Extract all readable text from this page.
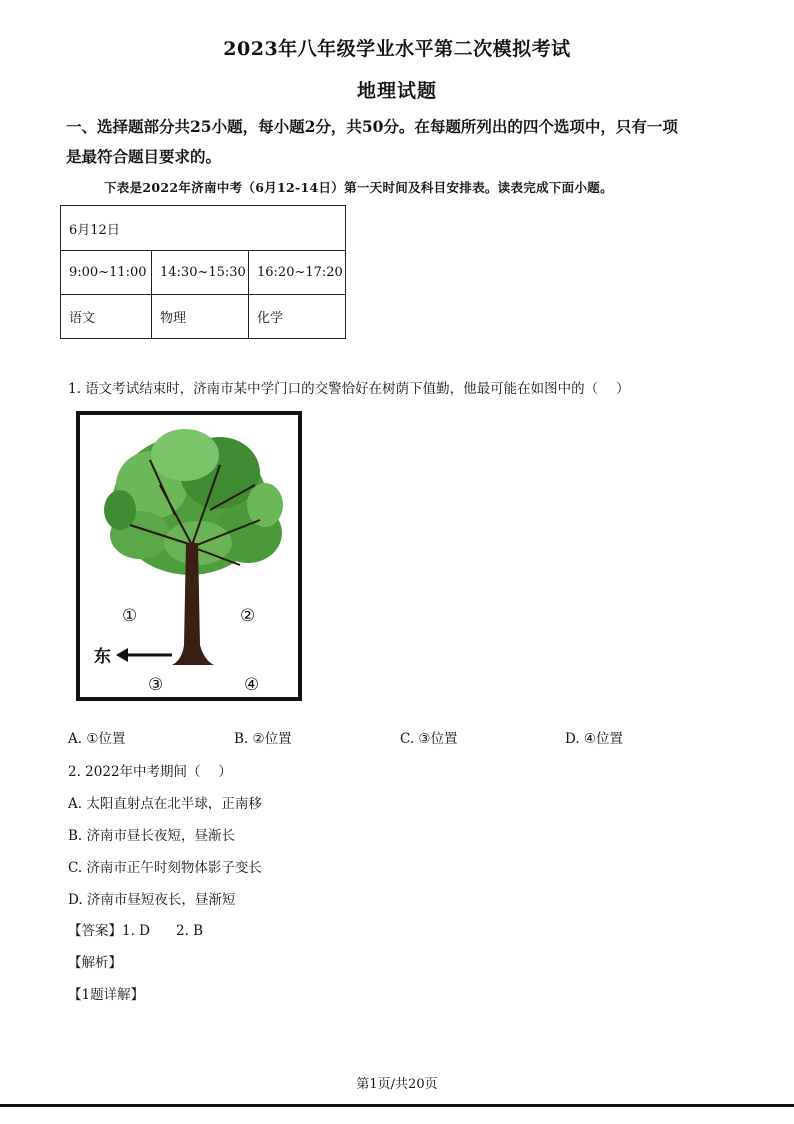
2023年八年级学业水平第二次模拟考试
地理试题
一、选择题部分共25小题，每小题2分，共50分。在每题所列出的四个选项中，只有一项
是最符合题目要求的。
下表是2022年济南中考（6月12-14日）第一天时间及科目安排表。读表完成下面小题。
6月12日		
9:00~11:00	14:30~15:30	16:20~17:20
语文	物理	化学
1. 语文考试结束时，济南市某中学门口的交警恰好在树荫下值勤，他最可能在如图中的（　 ）
①	②
③	④
东
A. ①位置	B. ②位置	C. ③位置	D. ④位置
2. 2022年中考期间（　 ）
A. 太阳直射点在北半球，正南移
B. 济南市昼长夜短，昼渐长
C. 济南市正午时刻物体影子变长
D. 济南市昼短夜长，昼渐短
【答案】1. D 2. B
【解析】
【1题详解】
第1页/共20页
